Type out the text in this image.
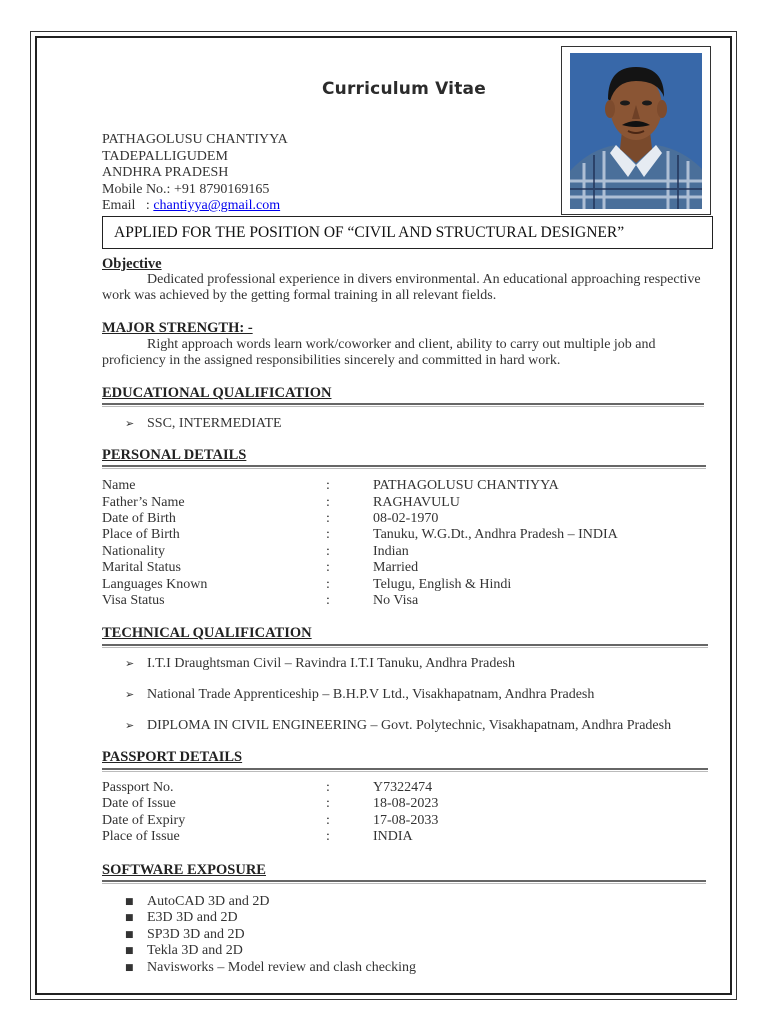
Curriculum Vitae
PATHAGOLUSU CHANTIYYA
TADEPALLIGUDEM
ANDHRA PRADESH
Mobile No.: +91 8790169165
Email   : chantiyya@gmail.com
APPLIED FOR THE POSITION OF “CIVIL AND STRUCTURAL DESIGNER”
Objective
Dedicated professional experience in divers environmental. An educational approaching respective
work was achieved by the getting formal training in all relevant fields.
MAJOR STRENGTH: -
Right approach words learn work/coworker and client, ability to carry out multiple job and
proficiency in the assigned responsibilities sincerely and committed in hard work.
EDUCATIONAL QUALIFICATION
➢ SSC, INTERMEDIATE
PERSONAL DETAILS
Name	:	PATHAGOLUSU CHANTIYYA
Father’s Name	:	RAGHAVULU
Date of Birth	:	08-02-1970
Place of Birth	:	Tanuku, W.G.Dt., Andhra Pradesh – INDIA
Nationality	:	Indian
Marital Status	:	Married
Languages Known	:	Telugu, English & Hindi
Visa Status	:	No Visa
TECHNICAL QUALIFICATION
➢ I.T.I Draughtsman Civil – Ravindra I.T.I Tanuku, Andhra Pradesh
➢ National Trade Apprenticeship – B.H.P.V Ltd., Visakhapatnam, Andhra Pradesh
➢ DIPLOMA IN CIVIL ENGINEERING – Govt. Polytechnic, Visakhapatnam, Andhra Pradesh
PASSPORT DETAILS
Passport No.	:	Y7322474
Date of Issue	:	18-08-2023
Date of Expiry	:	17-08-2033
Place of Issue	:	INDIA
SOFTWARE EXPOSURE
■ AutoCAD 3D and 2D
■ E3D 3D and 2D
■ SP3D 3D and 2D
■ Tekla 3D and 2D
■ Navisworks – Model review and clash checking
